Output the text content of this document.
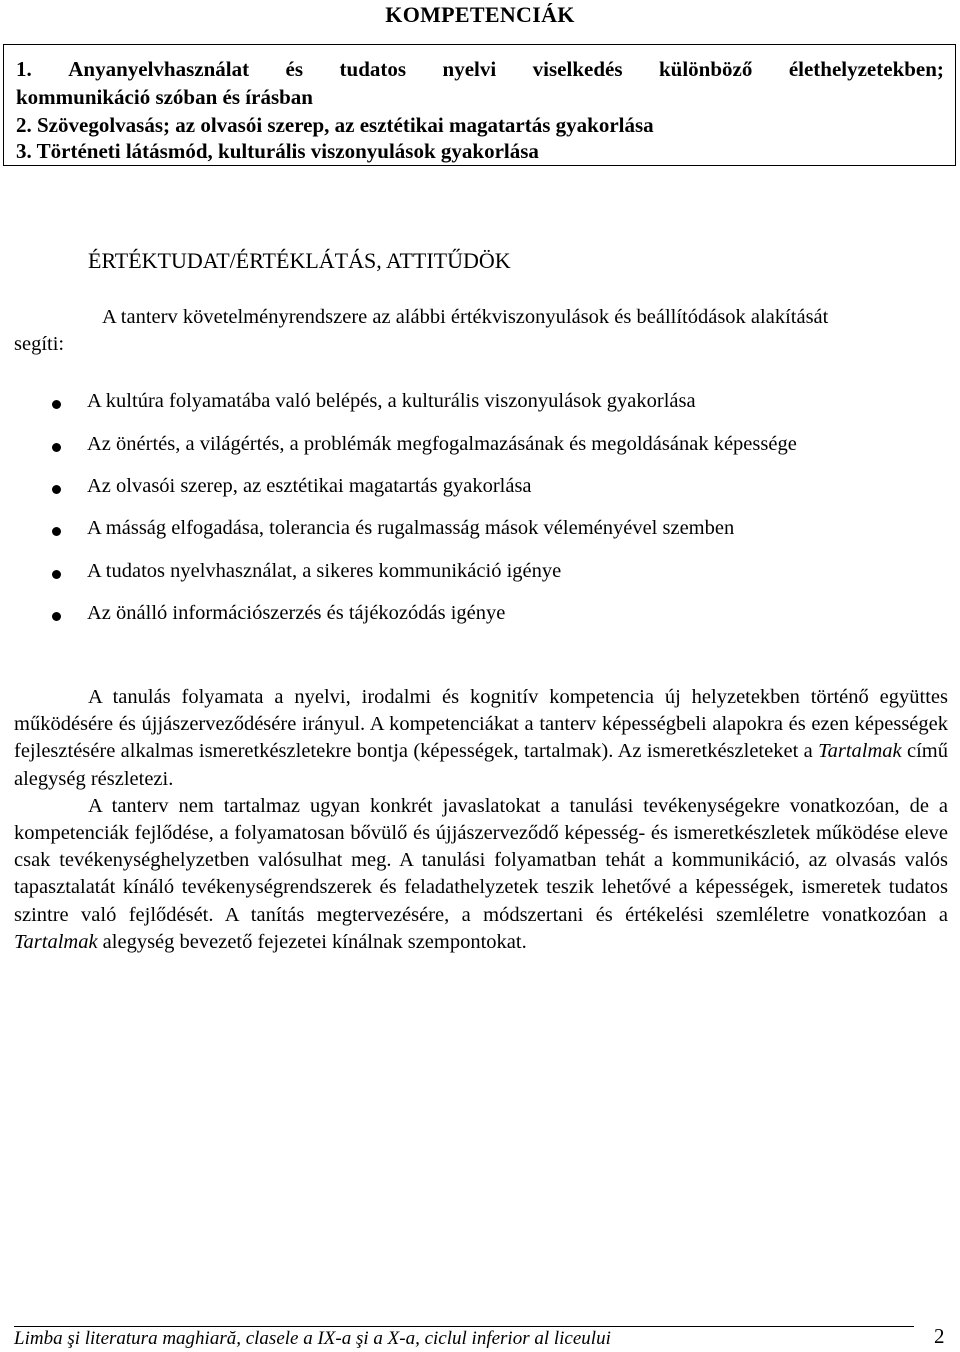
KOMPETENCIÁK
1. Anyanyelvhasználat és tudatos nyelvi viselkedés különböző élethelyzetekben;
kommunikáció szóban és írásban
2. Szövegolvasás; az olvasói szerep, az esztétikai magatartás gyakorlása
3. Történeti látásmód, kulturális viszonyulások gyakorlása
ÉRTÉKTUDAT/ÉRTÉKLÁTÁS, ATTITŰDÖK
A tanterv követelményrendszere az alábbi értékviszonyulások és beállítódások alakítását
segíti:
A kultúra folyamatába való belépés, a kulturális viszonyulások gyakorlása
Az önértés, a világértés, a problémák megfogalmazásának és megoldásának képessége
Az olvasói szerep, az esztétikai magatartás gyakorlása
A másság elfogadása, tolerancia és rugalmasság mások véleményével szemben
A tudatos nyelvhasználat, a sikeres kommunikáció igénye
Az önálló információszerzés és tájékozódás igénye

A tanulás folyamata a nyelvi, irodalmi és kognitív kompetencia új helyzetekben történő együttes működésére és újjászerveződésére irányul. A kompetenciákat a tanterv képességbeli alapokra és ezen képességek fejlesztésére alkalmas ismeretkészletekre bontja (képességek, tartalmak). Az ismeretkészleteket a Tartalmak című alegység részletezi.

A tanterv nem tartalmaz ugyan konkrét javaslatokat a tanulási tevékenységekre vonatkozóan, de a kompetenciák fejlődése, a folyamatosan bővülő és újjászerveződő képesség- és ismeretkészletek működése eleve csak tevékenységhelyzetben valósulhat meg. A tanulási folyamatban tehát a kommunikáció, az olvasás valós tapasztalatát kínáló tevékenységrendszerek és feladathelyzetek teszik lehetővé a képességek, ismeretek tudatos szintre való fejlődését. A tanítás megtervezésére, a módszertani és értékelési szemléletre vonatkozóan a Tartalmak alegység bevezető fejezetei kínálnak szempontokat.

Limba şi literatura maghiară, clasele a IX-a şi a X-a, ciclul inferior al liceului	2
